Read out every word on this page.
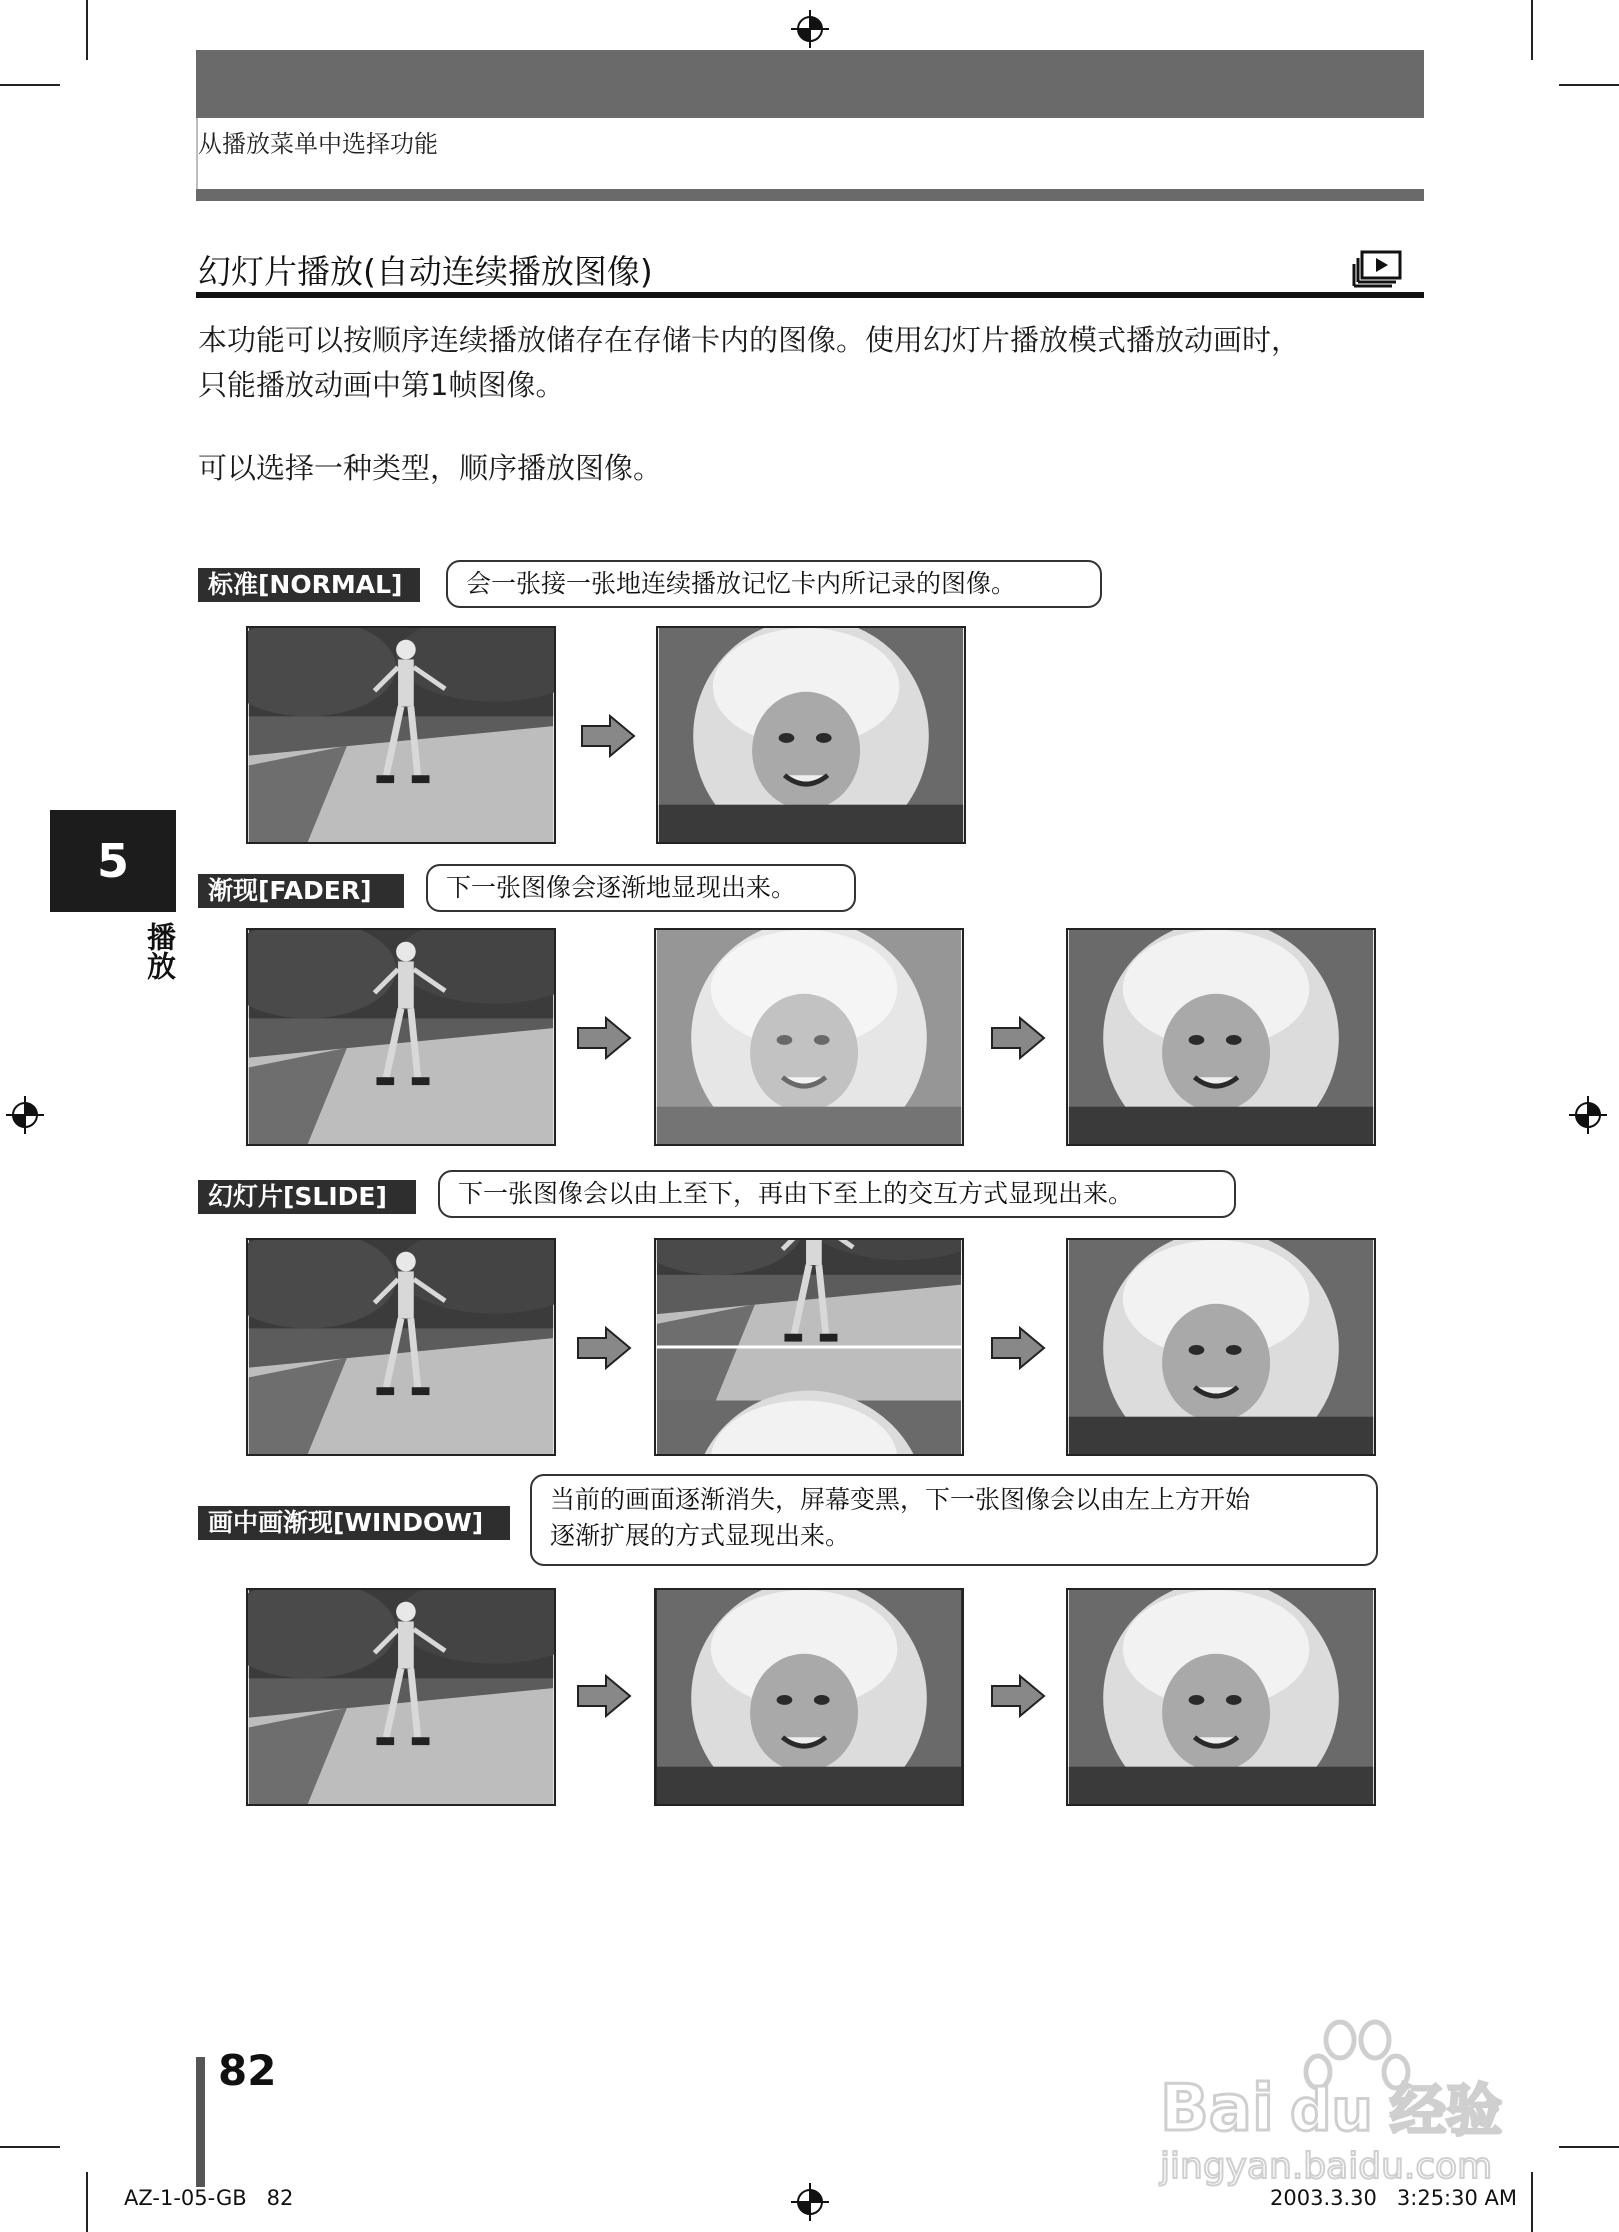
从播放菜单中选择功能
幻灯片播放(自动连续播放图像)
本功能可以按顺序连续播放储存在存储卡内的图像。使用幻灯片播放模式播放动画时，
只能播放动画中第1帧图像。
可以选择一种类型，顺序播放图像。
标准[NORMAL]	会一张接一张地连续播放记忆卡内所记录的图像。
渐现[FADER]	下一张图像会逐渐地显现出来。
幻灯片[SLIDE]	下一张图像会以由上至下，再由下至上的交互方式显现出来。
画中画渐现[WINDOW]
当前的画面逐渐消失，屏幕变黑，下一张图像会以由左上方开始
逐渐扩展的方式显现出来。
5
播放
82
AZ-1-05-GB   82	2003.3.30   3:25:30 AM
Bai du 经验
jingyan.baidu.com
